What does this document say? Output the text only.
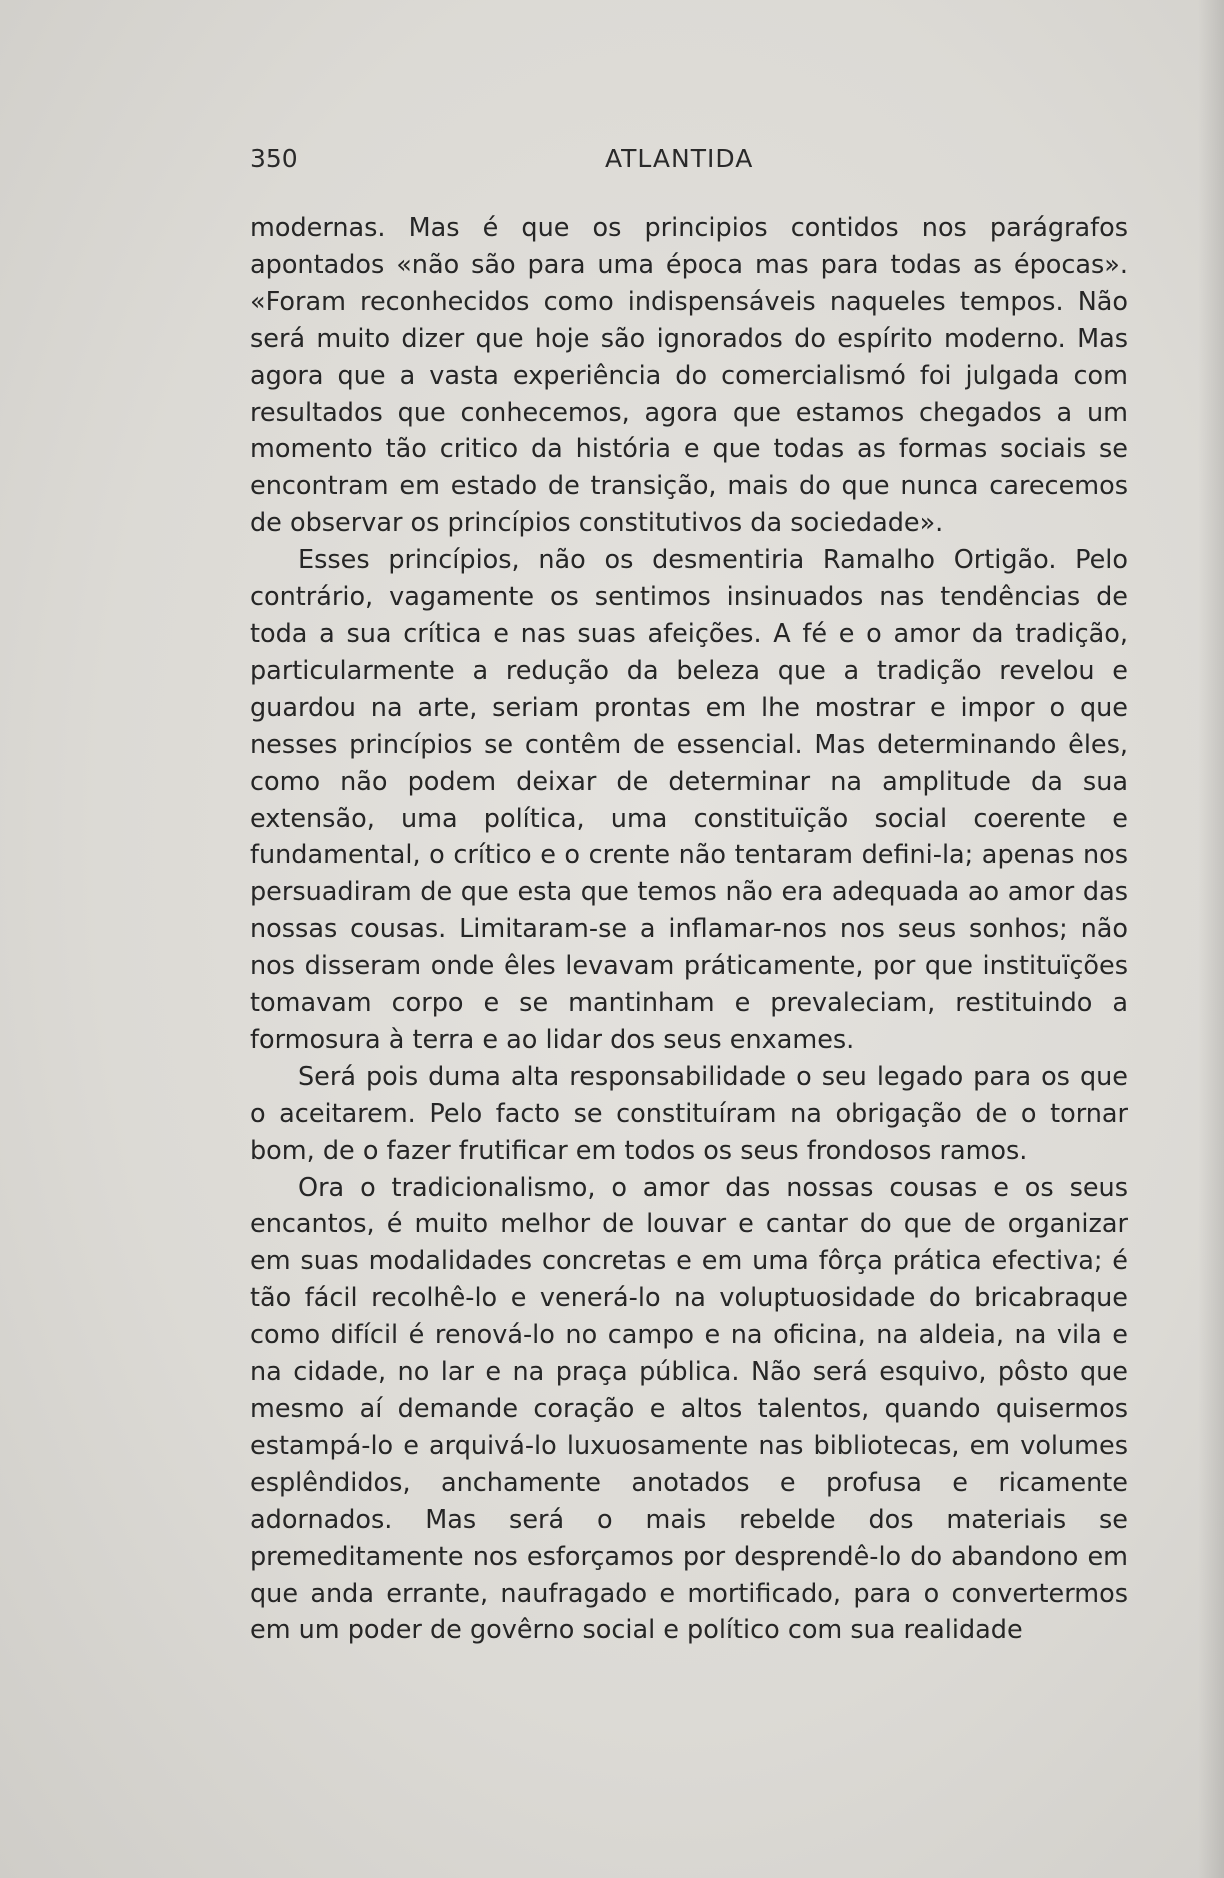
350	ATLANTIDA

modernas. Mas é que os principios contidos nos parágrafos apontados «não são para uma época mas para todas as épocas». «Foram reconhecidos como indispensáveis naqueles tempos. Não será muito dizer que hoje são ignorados do espírito moderno. Mas agora que a vasta experiência do comercialismó foi julgada com resultados que conhecemos, agora que estamos chegados a um momento tão critico da história e que todas as formas sociais se encontram em estado de transição, mais do que nunca carecemos de observar os princípios constitutivos da sociedade».

Esses princípios, não os desmentiria Ramalho Ortigão. Pelo contrário, vagamente os sentimos insinuados nas tendências de toda a sua crítica e nas suas afeições. A fé e o amor da tradição, particularmente a redução da beleza que a tradição revelou e guardou na arte, seriam prontas em lhe mostrar e impor o que nesses princípios se contêm de essencial. Mas determinando êles, como não podem deixar de determinar na amplitude da sua extensão, uma política, uma constituïção social coerente e fundamental, o crítico e o crente não tentaram defini-la; apenas nos persuadiram de que esta que temos não era adequada ao amor das nossas cousas. Limitaram-se a inflamar-nos nos seus sonhos; não nos disseram onde êles levavam práticamente, por que instituïções tomavam corpo e se mantinham e prevaleciam, restituindo a formosura à terra e ao lidar dos seus enxames.

Será pois duma alta responsabilidade o seu legado para os que o aceitarem. Pelo facto se constituíram na obrigação de o tornar bom, de o fazer frutificar em todos os seus frondosos ramos.

Ora o tradicionalismo, o amor das nossas cousas e os seus encantos, é muito melhor de louvar e cantar do que de organizar em suas modalidades concretas e em uma fôrça prática efectiva; é tão fácil recolhê-lo e venerá-lo na voluptuosidade do bricabraque como difícil é renová-lo no campo e na oficina, na aldeia, na vila e na cidade, no lar e na praça pública. Não será esquivo, pôsto que mesmo aí demande coração e altos talentos, quando quisermos estampá-lo e arquivá-lo luxuosamente nas bibliotecas, em volumes esplêndidos, anchamente anotados e profusa e ricamente adornados. Mas será o mais rebelde dos materiais se premeditamente nos esforçamos por desprendê-lo do abandono em que anda errante, naufragado e mortificado, para o convertermos em um poder de govêrno social e político com sua realidade
